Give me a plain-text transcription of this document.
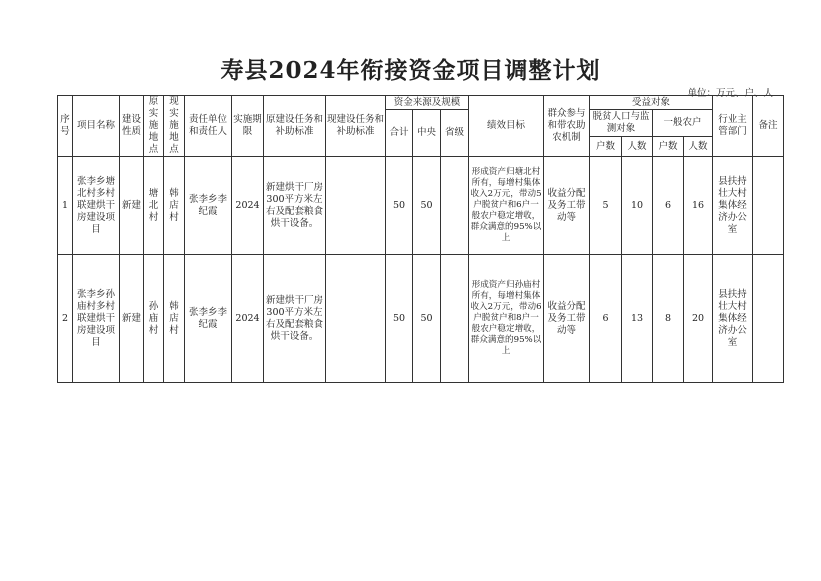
寿县2024年衔接资金项目调整计划
单位：万元、户、人
序号	项目名称	建设性质	原实施地点	现实施地点	责任单位和责任人	实施期限	原建设任务和补助标准	现建设任务和补助标准	资金来源及规模			绩效目标	群众参与和带农助农机制	受益对象				行业主管部门	备注
									合计	中央	省级			脱贫人口与监测对象		一般农户			
														户数	人数	户数	人数		
1	张李乡塘北村多村联建烘干房建设项目	新建	塘北村	韩店村	张李乡李纪霞	2024	新建烘干厂房300平方米左右及配套粮食烘干设备。		50	50		形成资产归塘北村所有，每增村集体收入2万元，带动5户脱贫户和6户一般农户稳定增收，群众满意的95%以上	收益分配及务工带动等	5	10	6	16	县扶持壮大村集体经济办公室	
2	张李乡孙庙村多村联建烘干房建设项目	新建	孙庙村	韩店村	张李乡李纪霞	2024	新建烘干厂房300平方米左右及配套粮食烘干设备。		50	50		形成资产归孙庙村所有，每增村集体收入2万元，带动6户脱贫户和8户一般农户稳定增收，群众满意的95%以上	收益分配及务工带动等	6	13	8	20	县扶持壮大村集体经济办公室	
